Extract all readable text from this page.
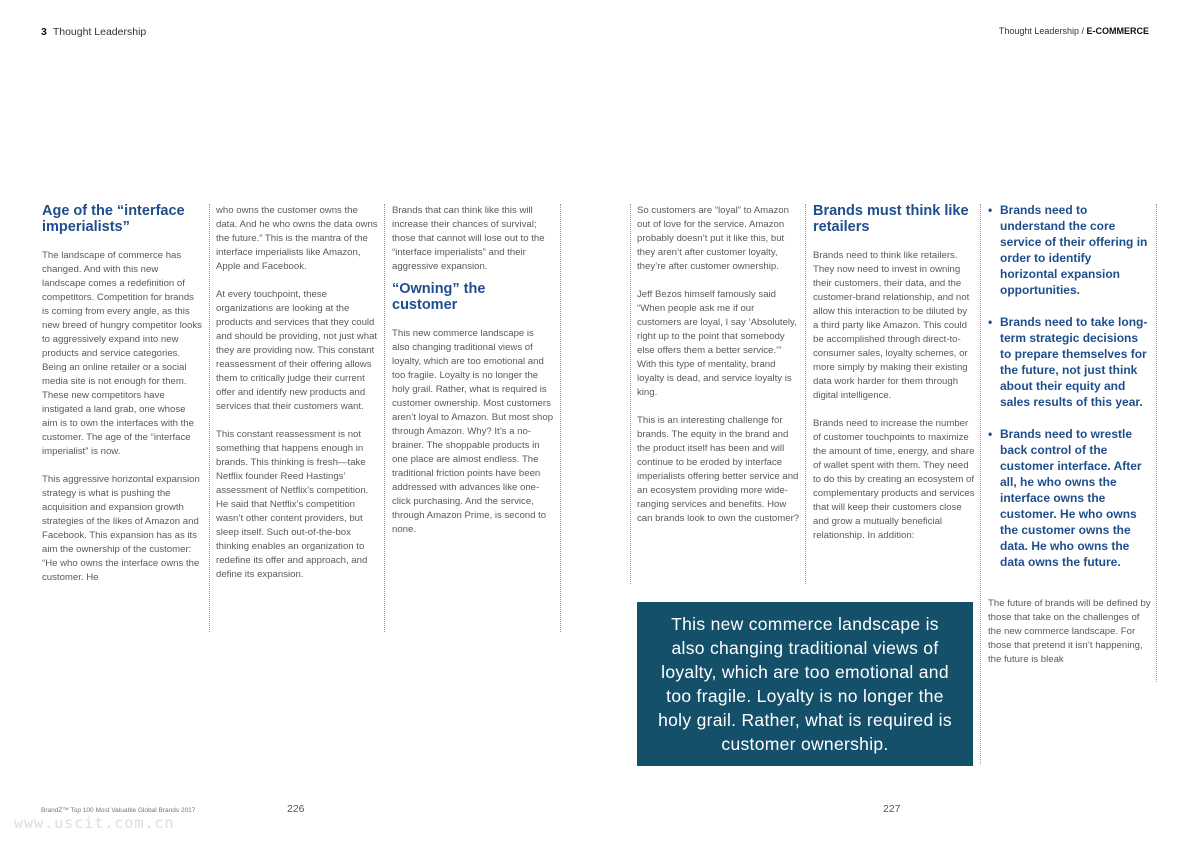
3 Thought Leadership	Thought Leadership / E-COMMERCE
Age of the “interface imperialists”

The landscape of commerce has changed. And with this new landscape comes a redefinition of competitors. Competition for brands is coming from every angle, as this new breed of hungry competitor looks to aggressively expand into new products and service categories. Being an online retailer or a social media site is not enough for them. These new competitors have instigated a land grab, one whose aim is to own the interfaces with the customer. The age of the “interface imperialist” is now.

This aggressive horizontal expansion strategy is what is pushing the acquisition and expansion growth strategies of the likes of Amazon and Facebook. This expansion has as its aim the ownership of the customer: “He who owns the interface owns the customer. He

who owns the customer owns the data. And he who owns the data owns the future.” This is the mantra of the interface imperialists like Amazon, Apple and Facebook.

At every touchpoint, these organizations are looking at the products and services that they could and should be providing, not just what they are providing now. This constant reassessment of their offering allows them to critically judge their current offer and identify new products and services that their customers want.

This constant reassessment is not something that happens enough in brands. This thinking is fresh—take Netflix founder Reed Hastings’ assessment of Netflix’s competition. He said that Netflix’s competition wasn’t other content providers, but sleep itself. Such out-of-the-box thinking enables an organization to redefine its offer and approach, and define its expansion.

Brands that can think like this will increase their chances of survival; those that cannot will lose out to the “interface imperialists” and their aggressive expansion.

“Owning” the customer

This new commerce landscape is also changing traditional views of loyalty, which are too emotional and too fragile. Loyalty is no longer the holy grail. Rather, what is required is customer ownership. Most customers aren’t loyal to Amazon. But most shop through Amazon. Why? It’s a no-brainer. The shoppable products in one place are almost endless. The traditional friction points have been addressed with advances like one-click purchasing. And the service, through Amazon Prime, is second to none.

So customers are “loyal” to Amazon out of love for the service. Amazon probably doesn’t put it like this, but they aren’t after customer loyalty, they’re after customer ownership.

Jeff Bezos himself famously said “When people ask me if our customers are loyal, I say ‘Absolutely, right up to the point that somebody else offers them a better service.’” With this type of mentality, brand loyalty is dead, and service loyalty is king.

This is an interesting challenge for brands. The equity in the brand and the product itself has been and will continue to be eroded by interface imperialists offering better service and an ecosystem providing more wide-ranging services and benefits. How can brands look to own the customer?

Brands must think like retailers

Brands need to think like retailers. They now need to invest in owning their customers, their data, and the customer-brand relationship, and not allow this interaction to be diluted by a third party like Amazon. This could be accomplished through direct-to-consumer sales, loyalty schemes, or more simply by making their existing data work harder for them through digital intelligence.

Brands need to increase the number of customer touchpoints to maximize the amount of time, energy, and share of wallet spent with them. They need to do this by creating an ecosystem of complementary products and services that will keep their customers close and grow a mutually beneficial relationship. In addition:

• Brands need to understand the core service of their offering in order to identify horizontal expansion opportunities.
• Brands need to take long-term strategic decisions to prepare themselves for the future, not just think about their equity and sales results of this year.
• Brands need to wrestle back control of the customer interface. After all, he who owns the interface owns the customer. He who owns the customer owns the data. He who owns the data owns the future.
The future of brands will be defined by those that take on the challenges of the new commerce landscape. For those that pretend it isn’t happening, the future is bleak
This new commerce landscape is also changing traditional views of loyalty, which are too emotional and too fragile. Loyalty is no longer the holy grail. Rather, what is required is customer ownership.
BrandZ™ Top 100 Most Valuable Global Brands 2017	226	227
www.uscit.com.cn
